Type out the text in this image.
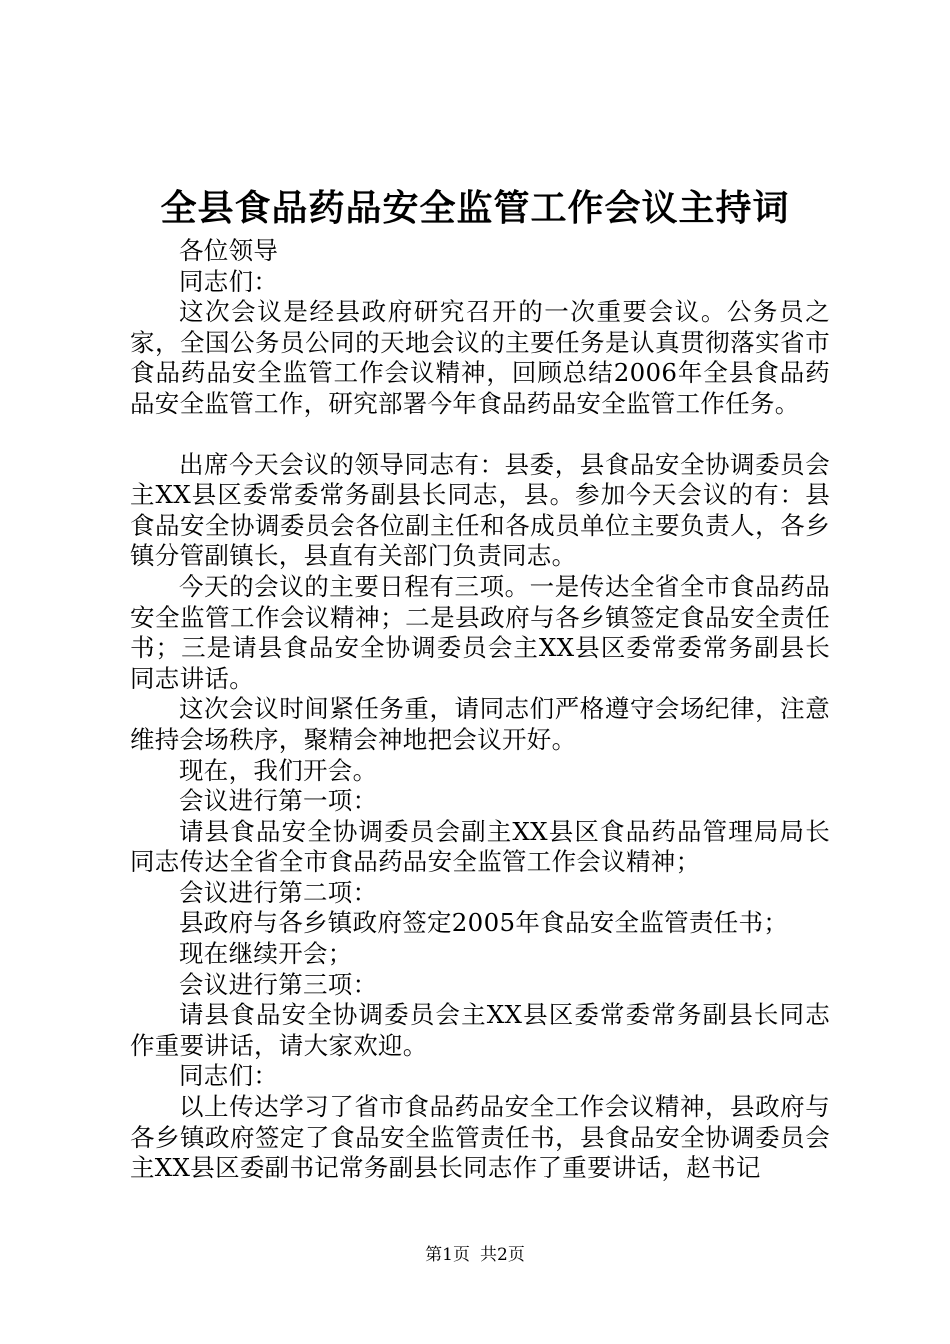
全县食品药品安全监管工作会议主持词

各位领导

同志们：

这次会议是经县政府研究召开的一次重要会议。公务员之家，全国公务员公同的天地会议的主要任务是认真贯彻落实省市食品药品安全监管工作会议精神，回顾总结2006年全县食品药品安全监管工作，研究部署今年食品药品安全监管工作任务。

出席今天会议的领导同志有：县委，县食品安全协调委员会主XX县区委常委常务副县长同志，县。参加今天会议的有：县食品安全协调委员会各位副主任和各成员单位主要负责人，各乡镇分管副镇长，县直有关部门负责同志。

今天的会议的主要日程有三项。一是传达全省全市食品药品安全监管工作会议精神；二是县政府与各乡镇签定食品安全责任书；三是请县食品安全协调委员会主XX县区委常委常务副县长同志讲话。

这次会议时间紧任务重，请同志们严格遵守会场纪律，注意维持会场秩序，聚精会神地把会议开好。

现在，我们开会。

会议进行第一项：

请县食品安全协调委员会副主XX县区食品药品管理局局长同志传达全省全市食品药品安全监管工作会议精神；

会议进行第二项：

县政府与各乡镇政府签定2005年食品安全监管责任书；

现在继续开会；

会议进行第三项：

请县食品安全协调委员会主XX县区委常委常务副县长同志作重要讲话，请大家欢迎。

同志们：

以上传达学习了省市食品药品安全工作会议精神，县政府与各乡镇政府签定了食品安全监管责任书，县食品安全协调委员会主XX县区委副书记常务副县长同志作了重要讲话，赵书记

第1页 共2页
